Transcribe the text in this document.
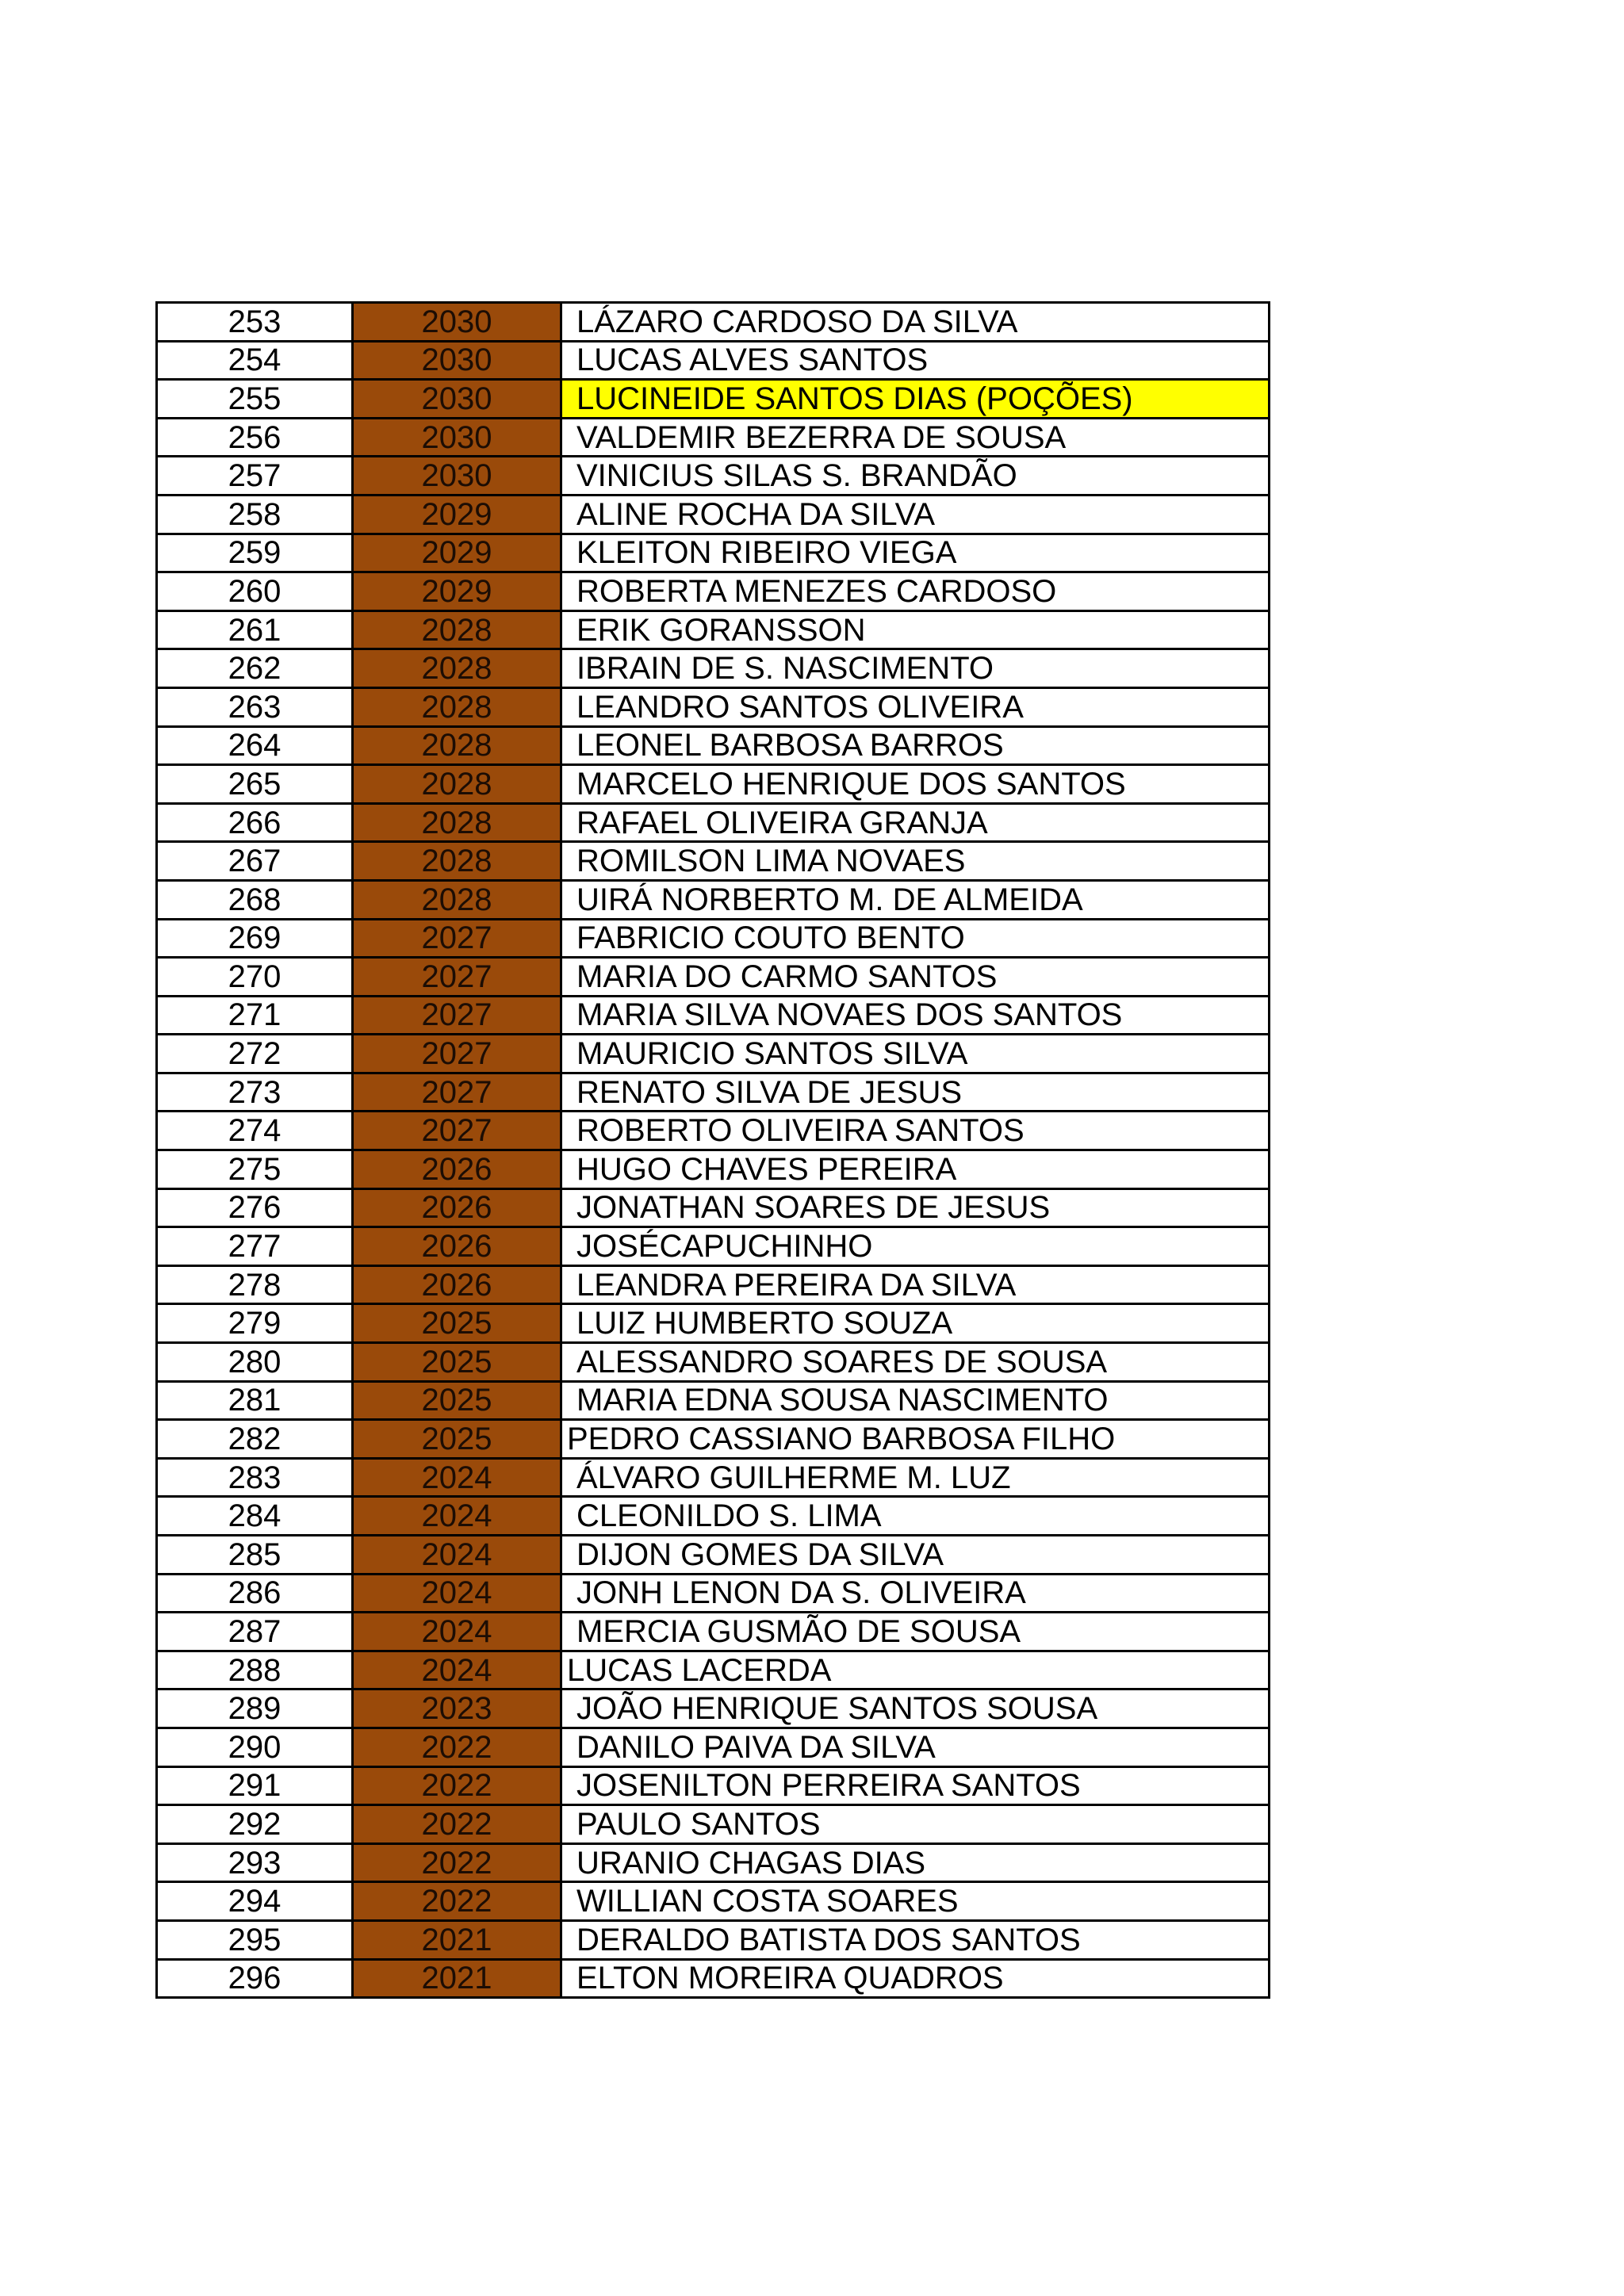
253	2030	LÁZARO CARDOSO DA SILVA
254	2030	LUCAS ALVES SANTOS
255	2030	LUCINEIDE SANTOS DIAS (POÇÕES)
256	2030	VALDEMIR BEZERRA DE SOUSA
257	2030	VINICIUS SILAS S. BRANDÃO
258	2029	ALINE ROCHA DA SILVA
259	2029	KLEITON RIBEIRO VIEGA
260	2029	ROBERTA MENEZES CARDOSO
261	2028	ERIK GORANSSON
262	2028	IBRAIN DE S. NASCIMENTO
263	2028	LEANDRO SANTOS OLIVEIRA
264	2028	LEONEL BARBOSA BARROS
265	2028	MARCELO HENRIQUE DOS SANTOS
266	2028	RAFAEL OLIVEIRA GRANJA
267	2028	ROMILSON LIMA NOVAES
268	2028	UIRÁ NORBERTO M. DE ALMEIDA
269	2027	FABRICIO COUTO BENTO
270	2027	MARIA DO CARMO SANTOS
271	2027	MARIA SILVA NOVAES DOS SANTOS
272	2027	MAURICIO SANTOS SILVA
273	2027	RENATO SILVA DE JESUS
274	2027	ROBERTO OLIVEIRA SANTOS
275	2026	HUGO CHAVES PEREIRA
276	2026	JONATHAN SOARES DE JESUS
277	2026	JOSÉCAPUCHINHO
278	2026	LEANDRA PEREIRA DA SILVA
279	2025	LUIZ HUMBERTO SOUZA
280	2025	ALESSANDRO SOARES DE SOUSA
281	2025	MARIA EDNA SOUSA NASCIMENTO
282	2025	PEDRO CASSIANO BARBOSA FILHO
283	2024	ÁLVARO GUILHERME M. LUZ
284	2024	CLEONILDO S. LIMA
285	2024	DIJON GOMES DA SILVA
286	2024	JONH LENON DA S. OLIVEIRA
287	2024	MERCIA GUSMÃO DE SOUSA
288	2024	LUCAS LACERDA
289	2023	JOÃO HENRIQUE SANTOS SOUSA
290	2022	DANILO PAIVA DA SILVA
291	2022	JOSENILTON PERREIRA SANTOS
292	2022	PAULO SANTOS
293	2022	URANIO CHAGAS DIAS
294	2022	WILLIAN COSTA SOARES
295	2021	DERALDO BATISTA DOS SANTOS
296	2021	ELTON MOREIRA QUADROS
